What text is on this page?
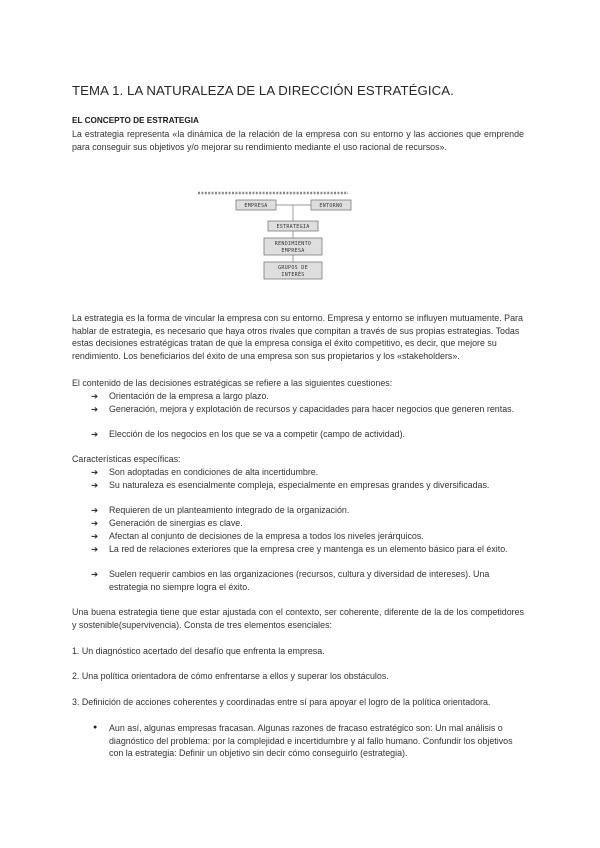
TEMA 1. LA NATURALEZA DE LA DIRECCIÓN ESTRATÉGICA.
EL CONCEPTO DE ESTRATEGIA
La estrategia representa «la dinámica de la relación de la empresa con su entorno y las acciones que emprende para conseguir sus objetivos y/o mejorar su rendimiento mediante el uso racional de recursos».
EMPRESA	ENTORNO
ESTRATEGIA
RENDIMIENTO
EMPRESA
GRUPOS DE
INTERÉS
La estrategia es la forma de vincular la empresa con su entorno. Empresa y entorno se influyen mutuamente. Para hablar de estrategia, es necesario que haya otros rivales que compitan a través de sus propias estrategias. Todas estas decisiones estratégicas tratan de que la empresa consiga el éxito competitivo, es decir, que mejore su rendimiento. Los beneficiarios del éxito de una empresa son sus propietarios y los «stakeholders».
El contenido de las decisiones estratégicas se refiere a las siguientes cuestiones:
➔ Orientación de la empresa a largo plazo.
➔ Generación, mejora y explotación de recursos y capacidades para hacer negocios que generen rentas.
➔ Elección de los negocios en los que se va a competir (campo de actividad).
Características específicas:
➔ Son adoptadas en condiciones de alta incertidumbre.
➔ Su naturaleza es esencialmente compleja, especialmente en empresas grandes y diversificadas.
➔ Requieren de un planteamiento integrado de la organización.
➔ Generación de sinergias es clave.
➔ Afectan al conjunto de decisiones de la empresa a todos los niveles jerárquicos.
➔ La red de relaciones exteriores que la empresa cree y mantenga es un elemento básico para el éxito.
➔ Suelen requerir cambios en las organizaciones (recursos, cultura y diversidad de intereses). Una estrategia no siempre logra el éxito.
Una buena estrategia tiene que estar ajustada con el contexto, ser coherente, diferente de la de los competidores y sostenible(supervivencia). Consta de tres elementos esenciales:
1. Un diagnóstico acertado del desafío que enfrenta la empresa.
2. Una política orientadora de cómo enfrentarse a ellos y superar los obstáculos.
3. Definición de acciones coherentes y coordinadas entre sí para apoyar el logro de la política orientadora.
● Aun así, algunas empresas fracasan. Algunas razones de fracaso estratégico son: Un mal análisis o diagnóstico del problema: por la complejidad e incertidumbre y al fallo humano. Confundir los objetivos con la estrategia: Definir un objetivo sin decir cómo conseguirlo (estrategia).
